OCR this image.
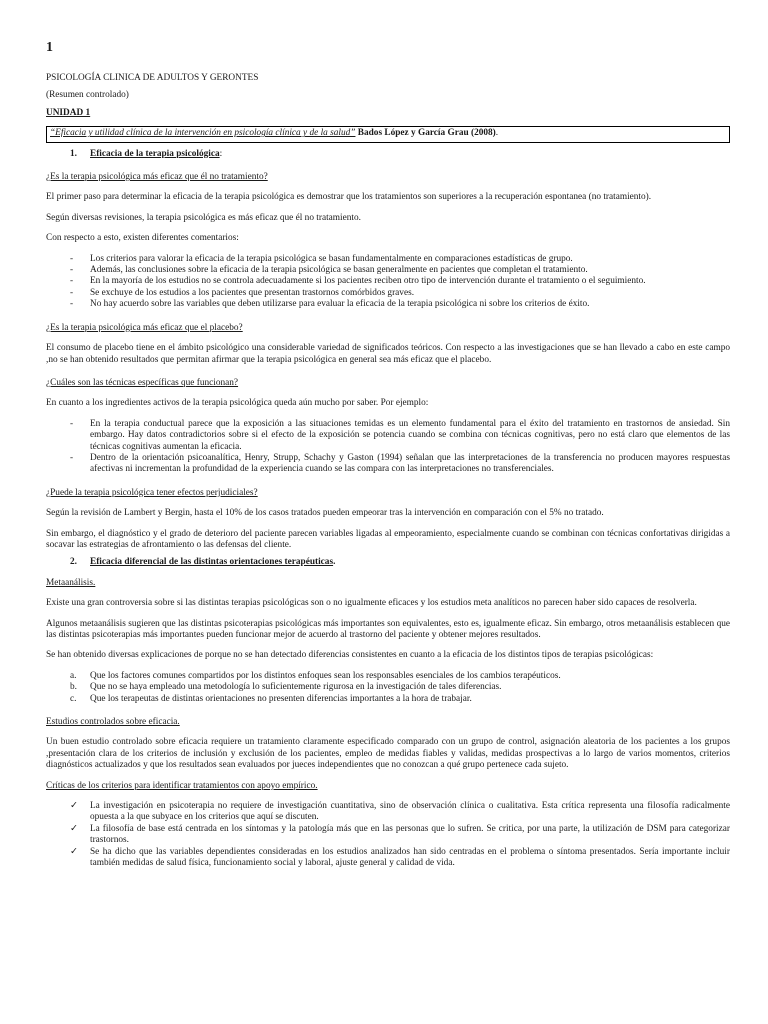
1

PSICOLOGÍA CLINICA DE ADULTOS Y GERONTES

(Resumen controlado)

UNIDAD 1

“Eficacia y utilidad clínica de la intervención en psicología clínica y de la salud” Bados López y García Grau (2008).
1.	Eficacia de la terapia psicológica:

¿Es la terapia psicológica más eficaz que él no tratamiento?

El primer paso para determinar la eficacia de la terapia psicológica es demostrar que los tratamientos son superiores a la recuperación espontanea (no tratamiento).

Según diversas revisiones, la terapia psicológica es más eficaz que él no tratamiento.

Con respecto a esto, existen diferentes comentarios:

-	Los criterios para valorar la eficacia de la terapia psicológica se basan fundamentalmente en comparaciones estadísticas de grupo.
-	Además, las conclusiones sobre la eficacia de la terapia psicológica se basan generalmente en pacientes que completan el tratamiento.
-	En la mayoría de los estudios no se controla adecuadamente si los pacientes reciben otro tipo de intervención durante el tratamiento o el seguimiento.
-	Se exchuye de los estudios a los pacientes que presentan trastornos comórbidos graves.
-	No hay acuerdo sobre las variables que deben utilizarse para evaluar la eficacia de la terapia psicológica ni sobre los criterios de éxito.

¿Es la terapia psicológica más eficaz que el placebo?

El consumo de placebo tiene en el ámbito psicológico una considerable variedad de significados teóricos. Con respecto a las investigaciones que se han llevado a cabo en este campo ,no se han obtenido resultados que permitan afirmar que la terapia psicológica en general sea más eficaz que el placebo.

¿Cuáles son las técnicas específicas que funcionan?

En cuanto a los ingredientes activos de la terapia psicológica queda aún mucho por saber. Por ejemplo:

-	En la terapia conductual parece que la exposición a las situaciones temidas es un elemento fundamental para el éxito del tratamiento en trastornos de ansiedad. Sin embargo. Hay datos contradictorios sobre si el efecto de la exposición se potencia cuando se combina con técnicas cognitivas, pero no está claro que elementos de las técnicas cognitivas aumentan la eficacia.
-	Dentro de la orientación psicoanalítica, Henry, Strupp, Schachy y Gaston (1994) señalan que las interpretaciones de la transferencia no producen mayores respuestas afectivas ni incrementan la profundidad de la experiencia cuando se las compara con las interpretaciones no transferenciales.

¿Puede la terapia psicológica tener efectos perjudiciales?

Según la revisión de Lambert y Bergin, hasta el 10% de los casos tratados pueden empeorar tras la intervención en comparación con el 5% no tratado.

Sin embargo, el diagnóstico y el grado de deterioro del paciente parecen variables ligadas al empeoramiento, especialmente cuando se combinan con técnicas confortativas dirigidas a socavar las estrategias de afrontamiento o las defensas del cliente.

2.	Eficacia diferencial de las distintas orientaciones terapéuticas.

Metaanálisis.

Existe una gran controversia sobre si las distintas terapias psicológicas son o no igualmente eficaces y los estudios meta analíticos no parecen haber sido capaces de resolverla.

Algunos metaanálisis sugieren que las distintas psicoterapias psicológicas más importantes son equivalentes, esto es, igualmente eficaz. Sin embargo, otros metaanálisis establecen que las distintas psicoterapias más importantes pueden funcionar mejor de acuerdo al trastorno del paciente y obtener mejores resultados.

Se han obtenido diversas explicaciones de porque no se han detectado diferencias consistentes en cuanto a la eficacia de los distintos tipos de terapias psicológicas:

a.	Que los factores comunes compartidos por los distintos enfoques sean los responsables esenciales de los cambios terapéuticos.
b.	Que no se haya empleado una metodología lo suficientemente rigurosa en la investigación de tales diferencias.
c.	Que los terapeutas de distintas orientaciones no presenten diferencias importantes a la hora de trabajar.

Estudios controlados sobre eficacia.

Un buen estudio controlado sobre eficacia requiere un tratamiento claramente especificado comparado con un grupo de control, asignación aleatoria de los pacientes a los grupos ,presentación clara de los criterios de inclusión y exclusión de los pacientes, empleo de medidas fiables y validas, medidas prospectivas a lo largo de varios momentos, criterios diagnósticos actualizados y que los resultados sean evaluados por jueces independientes que no conozcan a qué grupo pertenece cada sujeto.

Críticas de los criterios para identificar tratamientos con apoyo empírico.

✓	La investigación en psicoterapia no requiere de investigación cuantitativa, sino de observación clínica o cualitativa. Esta crítica representa una filosofía radicalmente opuesta a la que subyace en los criterios que aquí se discuten.
✓	La filosofía de base está centrada en los síntomas y la patología más que en las personas que lo sufren. Se critica, por una parte, la utilización de DSM para categorizar trastornos.
✓	Se ha dicho que las variables dependientes consideradas en los estudios analizados han sido centradas en el problema o síntoma presentados. Sería importante incluir también medidas de salud física, funcionamiento social y laboral, ajuste general y calidad de vida.
